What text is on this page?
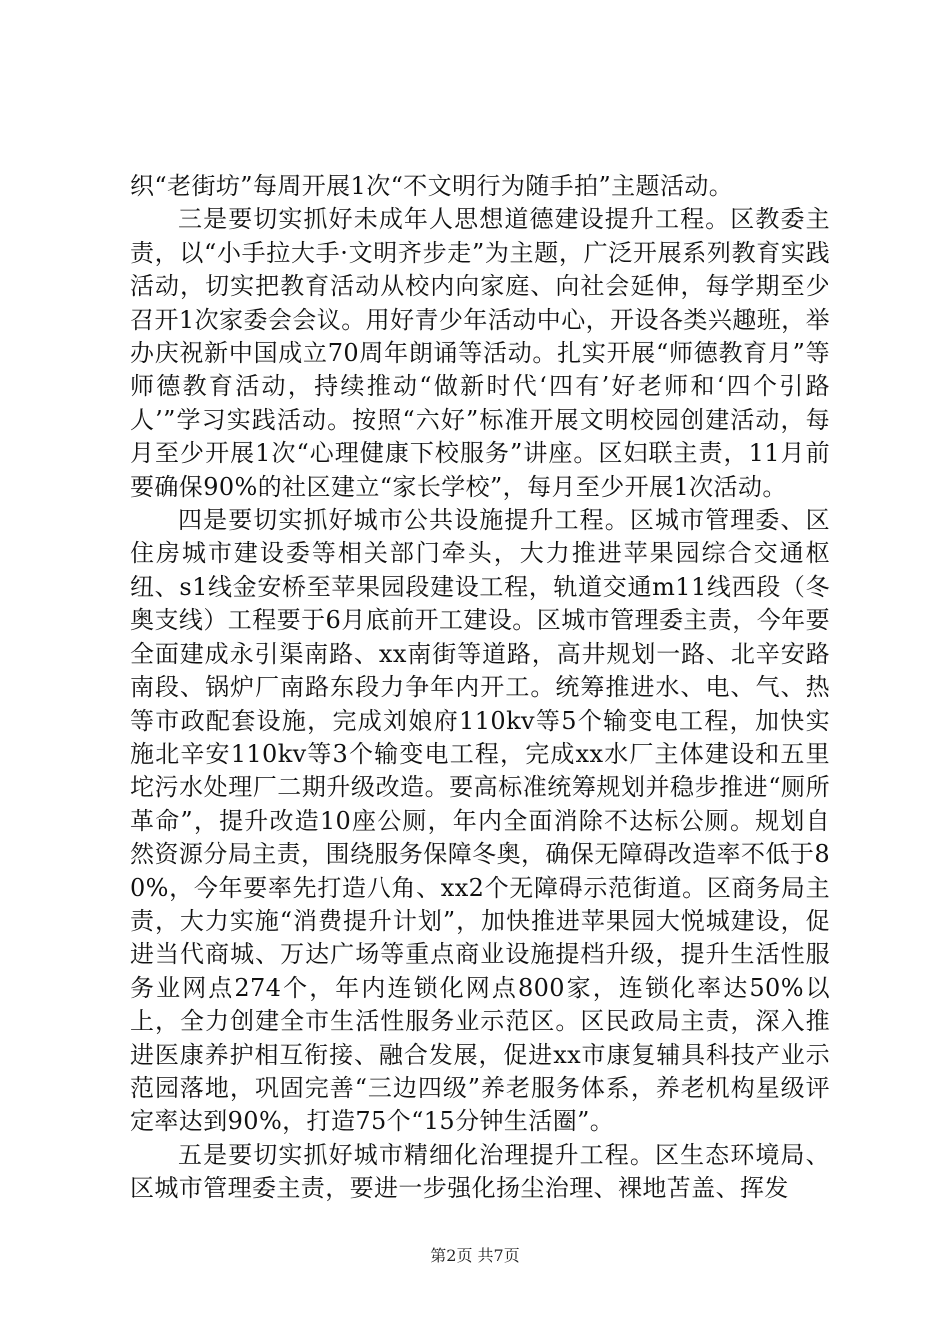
织“老街坊”每周开展1次“不文明行为随手拍”主题活动。

三是要切实抓好未成年人思想道德建设提升工程。区教委主责，以“小手拉大手·文明齐步走”为主题，广泛开展系列教育实践活动，切实把教育活动从校内向家庭、向社会延伸，每学期至少召开1次家委会会议。用好青少年活动中心，开设各类兴趣班，举办庆祝新中国成立70周年朗诵等活动。扎实开展“师德教育月”等师德教育活动，持续推动“做新时代‘四有’好老师和‘四个引路人’”学习实践活动。按照“六好”标准开展文明校园创建活动，每月至少开展1次“心理健康下校服务”讲座。区妇联主责，11月前要确保90%的社区建立“家长学校”，每月至少开展1次活动。

四是要切实抓好城市公共设施提升工程。区城市管理委、区住房城市建设委等相关部门牵头，大力推进苹果园综合交通枢纽、s1线金安桥至苹果园段建设工程，轨道交通m11线西段（冬奥支线）工程要于6月底前开工建设。区城市管理委主责，今年要全面建成永引渠南路、xx南街等道路，高井规划一路、北辛安路南段、锅炉厂南路东段力争年内开工。统筹推进水、电、气、热等市政配套设施，完成刘娘府110kv等5个输变电工程，加快实施北辛安110kv等3个输变电工程，完成xx水厂主体建设和五里坨污水处理厂二期升级改造。要高标准统筹规划并稳步推进“厕所革命”，提升改造10座公厕，年内全面消除不达标公厕。规划自然资源分局主责，围绕服务保障冬奥，确保无障碍改造率不低于80%，今年要率先打造八角、xx2个无障碍示范街道。区商务局主责，大力实施“消费提升计划”，加快推进苹果园大悦城建设，促进当代商城、万达广场等重点商业设施提档升级，提升生活性服务业网点274个，年内连锁化网点800家，连锁化率达50%以上，全力创建全市生活性服务业示范区。区民政局主责，深入推进医康养护相互衔接、融合发展，促进xx市康复辅具科技产业示范园落地，巩固完善“三边四级”养老服务体系，养老机构星级评定率达到90%，打造75个“15分钟生活圈”。

五是要切实抓好城市精细化治理提升工程。区生态环境局、区城市管理委主责，要进一步强化扬尘治理、裸地苫盖、挥发

第2页 共7页
